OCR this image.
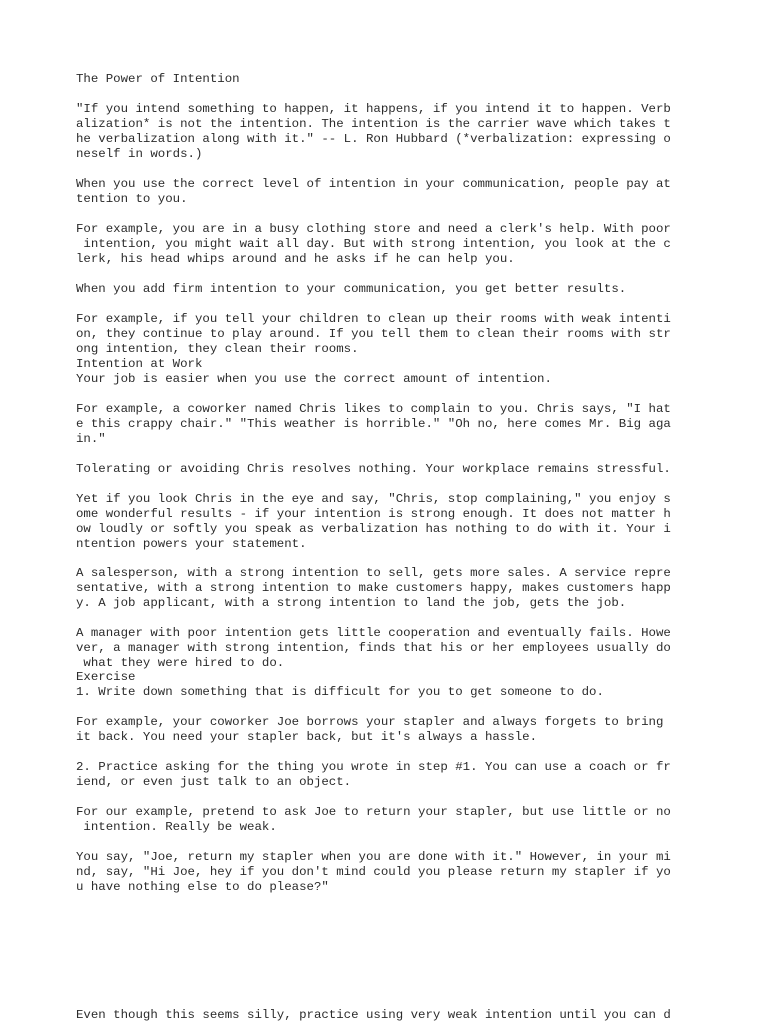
The Power of Intention

"If you intend something to happen, it happens, if you intend it to happen. Verb

alization* is not the intention. The intention is the carrier wave which takes t

he verbalization along with it." -- L. Ron Hubbard (*verbalization: expressing o

neself in words.)

When you use the correct level of intention in your communication, people pay at

tention to you.

For example, you are in a busy clothing store and need a clerk's help. With poor

intention, you might wait all day. But with strong intention, you look at the c

lerk, his head whips around and he asks if he can help you.

When you add firm intention to your communication, you get better results.

For example, if you tell your children to clean up their rooms with weak intenti

on, they continue to play around. If you tell them to clean their rooms with str

ong intention, they clean their rooms.

Intention at Work

Your job is easier when you use the correct amount of intention.

For example, a coworker named Chris likes to complain to you. Chris says, "I hat

e this crappy chair." "This weather is horrible." "Oh no, here comes Mr. Big aga

in."

Tolerating or avoiding Chris resolves nothing. Your workplace remains stressful.

Yet if you look Chris in the eye and say, "Chris, stop complaining," you enjoy s

ome wonderful results - if your intention is strong enough. It does not matter h

ow loudly or softly you speak as verbalization has nothing to do with it. Your i

ntention powers your statement.

A salesperson, with a strong intention to sell, gets more sales. A service repre

sentative, with a strong intention to make customers happy, makes customers happ

y. A job applicant, with a strong intention to land the job, gets the job.

A manager with poor intention gets little cooperation and eventually fails. Howe

ver, a manager with strong intention, finds that his or her employees usually do

what they were hired to do.

Exercise

1. Write down something that is difficult for you to get someone to do.

For example, your coworker Joe borrows your stapler and always forgets to bring

it back. You need your stapler back, but it's always a hassle.

2. Practice asking for the thing you wrote in step #1. You can use a coach or fr

iend, or even just talk to an object.

For our example, pretend to ask Joe to return your stapler, but use little or no

intention. Really be weak.

You say, "Joe, return my stapler when you are done with it." However, in your mi

nd, say, "Hi Joe, hey if you don't mind could you please return my stapler if yo

u have nothing else to do please?"

Even though this seems silly, practice using very weak intention until you can d
